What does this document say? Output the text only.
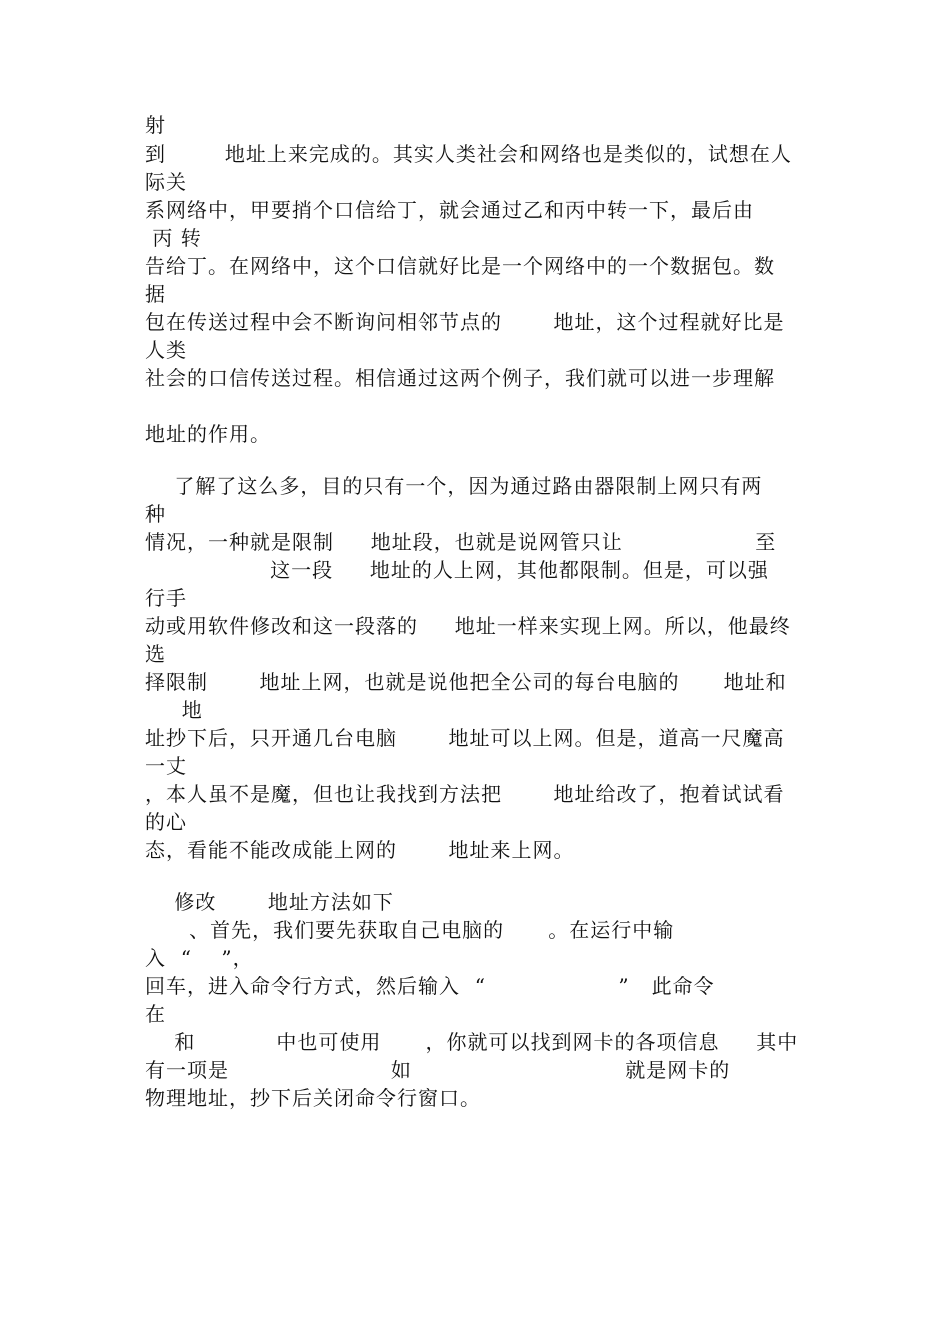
射
到        地址上来完成的。其实人类社会和网络也是类似的，试想在人
际关
系网络中，甲要捎个口信给丁，就会通过乙和丙中转一下，最后由
丙 转
告给丁。在网络中，这个口信就好比是一个网络中的一个数据包。数
据
包在传送过程中会不断询问相邻节点的       地址，这个过程就好比是
人类
社会的口信传送过程。相信通过这两个例子，我们就可以进一步理解
地址的作用。
了解了这么多，目的只有一个，因为通过路由器限制上网只有两
种
情况，一种就是限制     地址段，也就是说网管只让                  至
这一段     地址的人上网，其他都限制。但是，可以强
行手
动或用软件修改和这一段落的     地址一样来实现上网。所以，他最终
选
择限制       地址上网，也就是说他把全公司的每台电脑的      地址和
地
址抄下后，只开通几台电脑       地址可以上网。但是，道高一尺魔高
一丈
，本人虽不是魔，但也让我找到方法把       地址给改了，抱着试试看
的心
态，看能不能改成能上网的       地址来上网。
修改       地址方法如下
、首先，我们要先获取自己电脑的      。在运行中输
入  “    ”，
回车，进入命令行方式，然后输入  “                  ”   此命令
在
和           中也可使用      ，你就可以找到网卡的各项信息     其中
有一项是                      如                             就是网卡的
物理地址，抄下后关闭命令行窗口。
